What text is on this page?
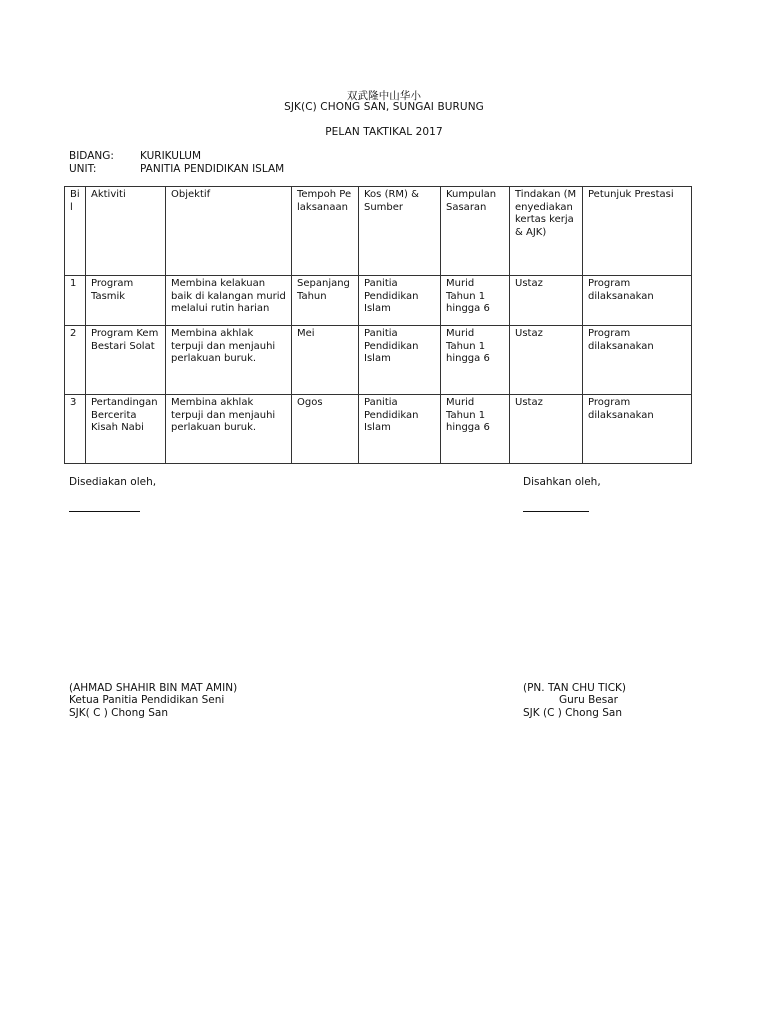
双武隆中山华小
SJK(C) CHONG SAN, SUNGAI BURUNG
PELAN TAKTIKAL 2017
BIDANG: KURIKULUM
UNIT:	PANITIA PENDIDIKAN ISLAM
Bil	Aktiviti	Objektif	Tempoh Pelaksanaan	Kos (RM) & Sumber	Kumpulan Sasaran	Tindakan (Menyediakan kertas kerja & AJK)	Petunjuk Prestasi
1	Program Tasmik	Membina kelakuan baik di kalangan murid melalui rutin harian	Sepanjang Tahun	Panitia Pendidikan Islam	Murid Tahun 1 hingga 6	Ustaz	Program dilaksanakan
2	Program Kem Bestari Solat	Membina akhlak terpuji dan menjauhi perlakuan buruk.	Mei	Panitia Pendidikan Islam	Murid Tahun 1 hingga 6	Ustaz	Program dilaksanakan
3	Pertandingan Bercerita Kisah Nabi	Membina akhlak terpuji dan menjauhi perlakuan buruk.	Ogos	Panitia Pendidikan Islam	Murid Tahun 1 hingga 6	Ustaz	Program dilaksanakan
Disediakan oleh,	Disahkan oleh,
(AHMAD SHAHIR BIN MAT AMIN)
Ketua Panitia Pendidikan Seni
SJK( C ) Chong San
(PN. TAN CHU TICK)
Guru Besar
SJK (C ) Chong San
